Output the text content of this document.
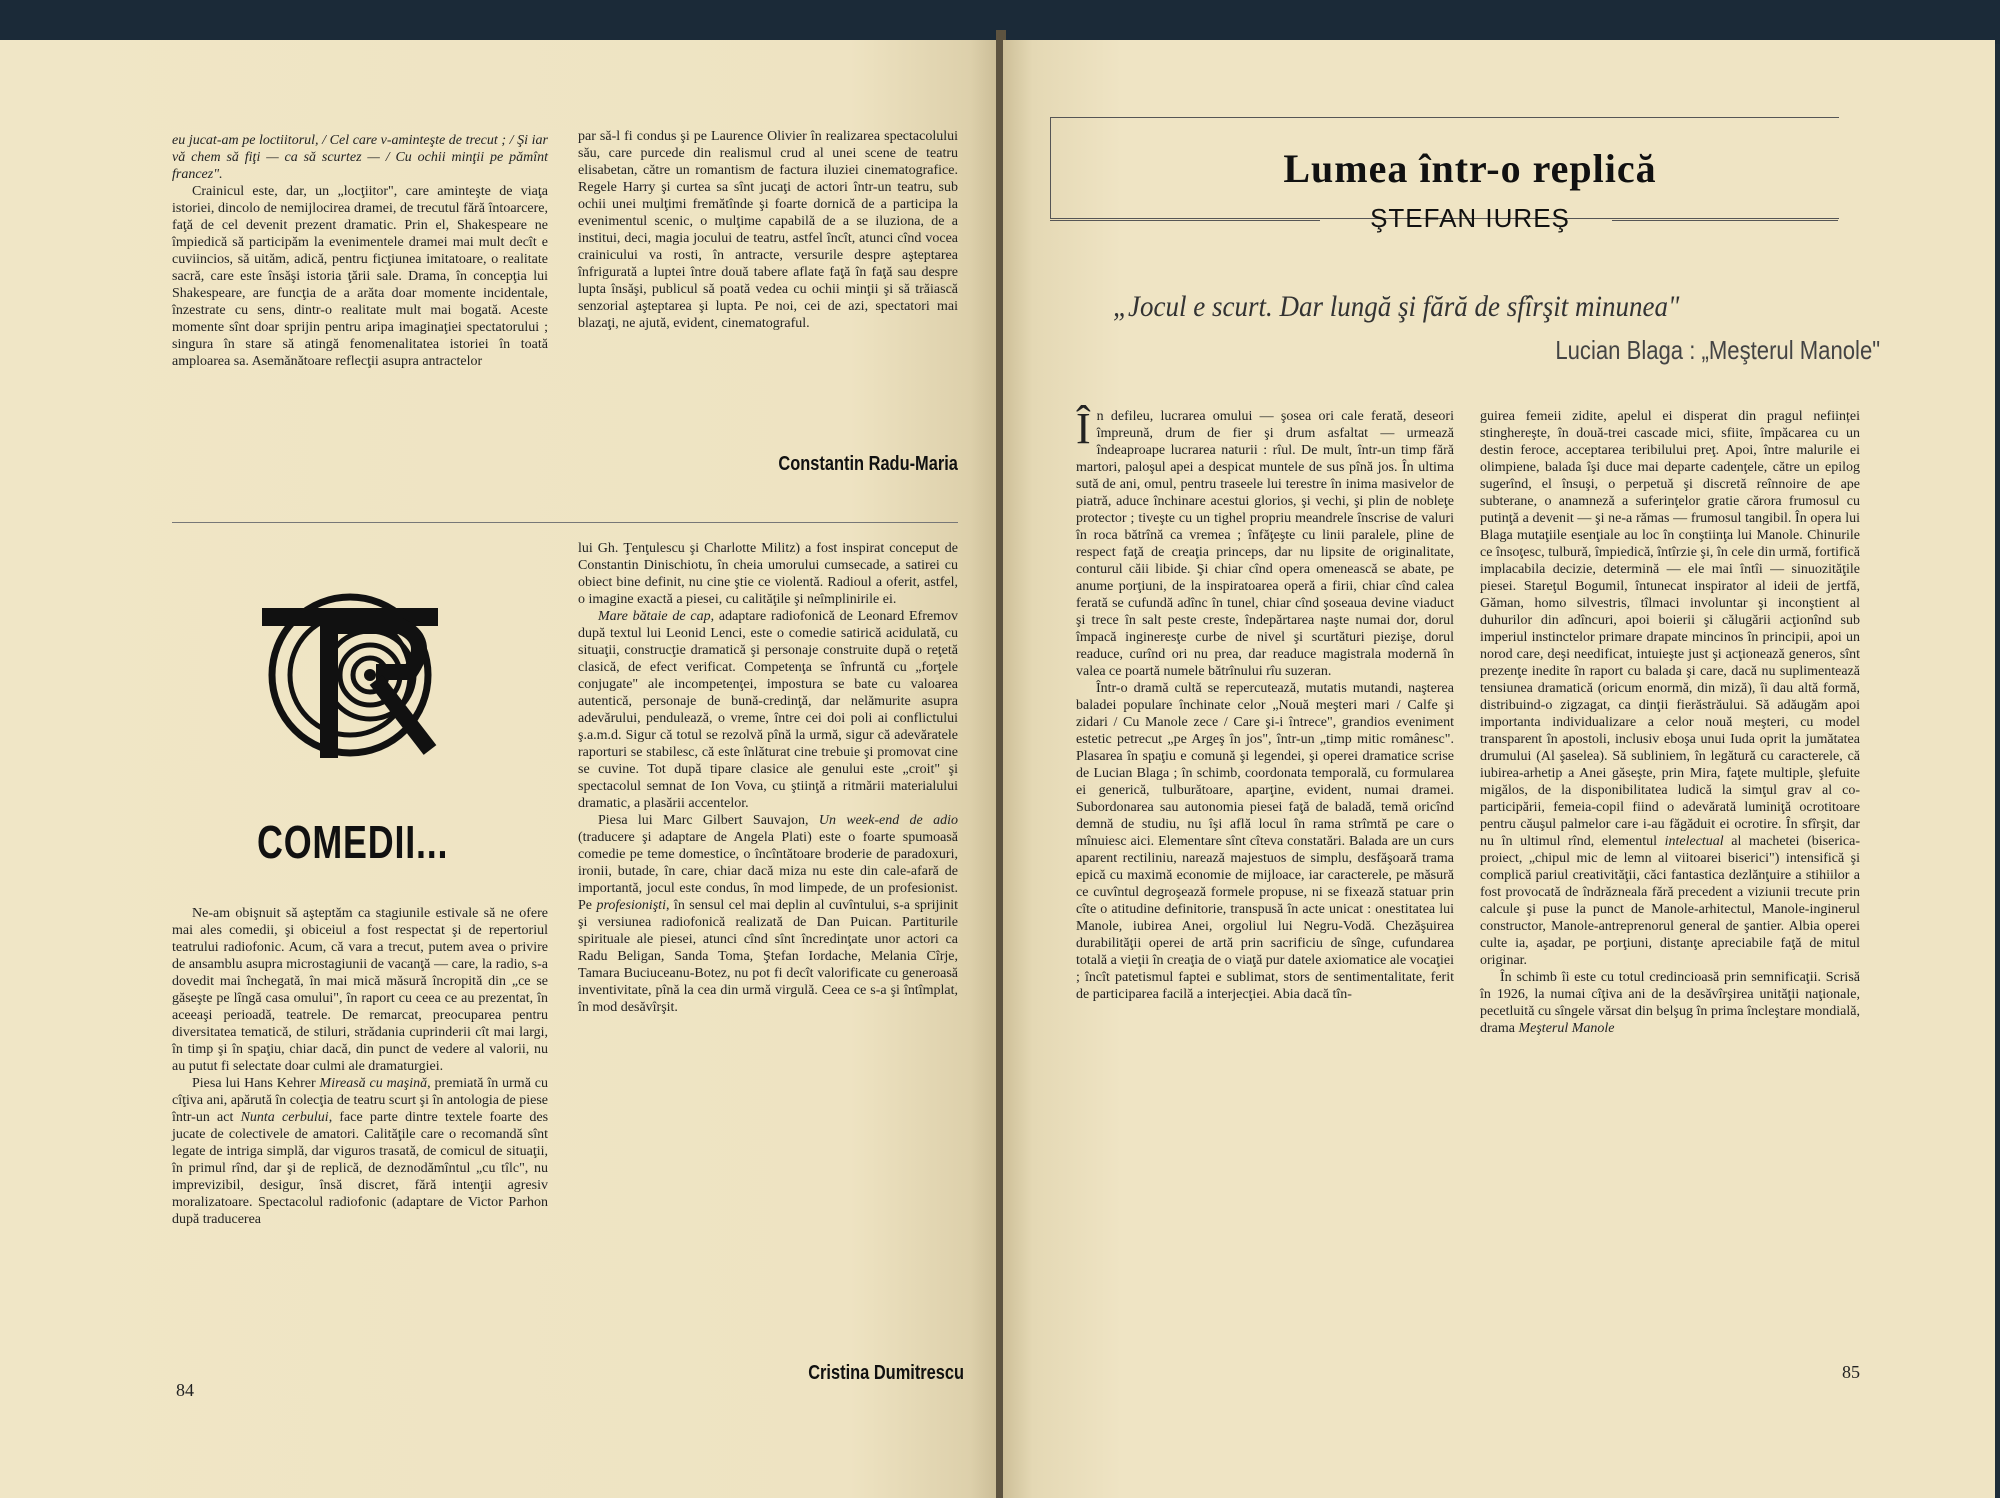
eu jucat-am pe loctiitorul, / Cel care v-aminteşte de trecut ; / Şi iar vă chem să fiţi — ca să scurtez — / Cu ochii minţii pe pămînt francez".

Crainicul este, dar, un „locţiitor", care aminteşte de viaţa istoriei, dincolo de nemijlocirea dramei, de trecutul fără întoarcere, faţă de cel devenit prezent dramatic. Prin el, Shakespeare ne împiedică să participăm la evenimentele dramei mai mult decît e cuviincios, să uităm, adică, pentru ficţiunea imitatoare, o realitate sacră, care este însăşi istoria ţării sale. Drama, în concepţia lui Shakespeare, are funcţia de a arăta doar momente incidentale, înzestrate cu sens, dintr-o realitate mult mai bogată. Aceste momente sînt doar sprijin pentru aripa imaginaţiei spectatorului ; singura în stare să atingă fenomenalitatea istoriei în toată amploarea sa. Asemănătoare reflecţii asupra antractelor

par să-l fi condus şi pe Laurence Olivier în realizarea spectacolului său, care purcede din realismul crud al unei scene de teatru elisabetan, către un romantism de factura iluziei cinematografice. Regele Harry şi curtea sa sînt jucaţi de actori într-un teatru, sub ochii unei mulţimi fremătînde şi foarte dornică de a participa la evenimentul scenic, o mulţime capabilă de a se iluziona, de a institui, deci, magia jocului de teatru, astfel încît, atunci cînd vocea crainicului va rosti, în antracte, versurile despre aşteptarea înfrigurată a luptei între două tabere aflate faţă în faţă sau despre lupta însăşi, publicul să poată vedea cu ochii minţii şi să trăiască senzorial aşteptarea şi lupta. Pe noi, cei de azi, spectatori mai blazaţi, ne ajută, evident, cinematograful.

Constantin Radu-Maria
COMEDII...

Ne-am obişnuit să aşteptăm ca stagiunile estivale să ne ofere mai ales comedii, şi obiceiul a fost respectat şi de repertoriul teatrului radiofonic. Acum, că vara a trecut, putem avea o privire de ansamblu asupra microstagiunii de vacanţă — care, la radio, s-a dovedit mai închegată, în mai mică măsură încropită din „ce se găseşte pe lîngă casa omului", în raport cu ceea ce au prezentat, în aceeaşi perioadă, teatrele. De remarcat, preocuparea pentru diversitatea tematică, de stiluri, strădania cuprinderii cît mai largi, în timp şi în spaţiu, chiar dacă, din punct de vedere al valorii, nu au putut fi selectate doar culmi ale dramaturgiei.

Piesa lui Hans Kehrer Mireasă cu maşină, premiată în urmă cu cîţiva ani, apărută în colecţia de teatru scurt şi în antologia de piese într-un act Nunta cerbului, face parte dintre textele foarte des jucate de colectivele de amatori. Calităţile care o recomandă sînt legate de intriga simplă, dar viguros trasată, de comicul de situaţii, în primul rînd, dar şi de replică, de deznodămîntul „cu tîlc", nu imprevizibil, desigur, însă discret, fără intenţii agresiv moralizatoare. Spectacolul radiofonic (adaptare de Victor Parhon după traducerea

lui Gh. Ţenţulescu şi Charlotte Militz) a fost inspirat conceput de Constantin Dinischiotu, în cheia umorului cumsecade, a satirei cu obiect bine definit, nu cine ştie ce violentă. Radioul a oferit, astfel, o imagine exactă a piesei, cu calităţile şi neîmplinirile ei.

Mare bătaie de cap, adaptare radiofonică de Leonard Efremov după textul lui Leonid Lenci, este o comedie satirică acidulată, cu situaţii, construcţie dramatică şi personaje construite după o reţetă clasică, de efect verificat. Competenţa se înfruntă cu „forţele conjugate" ale incompetenţei, impostura se bate cu valoarea autentică, personaje de bună-credinţă, dar nelămurite asupra adevărului, pendulează, o vreme, între cei doi poli ai conflictului ş.a.m.d. Sigur că totul se rezolvă pînă la urmă, sigur că adevăratele raporturi se stabilesc, că este înlăturat cine trebuie şi promovat cine se cuvine. Tot după tipare clasice ale genului este „croit" şi spectacolul semnat de Ion Vova, cu ştiinţă a ritmării materialului dramatic, a plasării accentelor.

Piesa lui Marc Gilbert Sauvajon, Un week-end de adio (traducere şi adaptare de Angela Plati) este o foarte spumoasă comedie pe teme domestice, o încîntătoare broderie de paradoxuri, ironii, butade, în care, chiar dacă miza nu este din cale-afară de importantă, jocul este condus, în mod limpede, de un profesionist. Pe profesionişti, în sensul cel mai deplin al cuvîntului, s-a sprijinit şi versiunea radiofonică realizată de Dan Puican. Partiturile spirituale ale piesei, atunci cînd sînt încredinţate unor actori ca Radu Beligan, Sanda Toma, Ştefan Iordache, Melania Cîrje, Tamara Buciuceanu-Botez, nu pot fi decît valorificate cu generoasă inventivitate, pînă la cea din urmă virgulă. Ceea ce s-a şi întîmplat, în mod desăvîrşit.

Cristina Dumitrescu
84
Lumea într-o replică
ŞTEFAN IUREŞ
„Jocul e scurt. Dar lungă şi fără de sfîrşit minunea"
Lucian Blaga : „Meşterul Manole"

În defileu, lucrarea omului — şosea ori cale ferată, deseori împreună, drum de fier şi drum asfaltat — urmează îndeaproape lucrarea naturii : rîul. De mult, într-un timp fără martori, paloşul apei a despicat muntele de sus pînă jos. În ultima sută de ani, omul, pentru traseele lui terestre în inima masivelor de piatră, aduce închinare acestui glorios, şi vechi, şi plin de nobleţe protector ; tiveşte cu un tighel propriu meandrele înscrise de valuri în roca bătrînă ca vremea ; înfăţeşte cu linii paralele, pline de respect faţă de creaţia princeps, dar nu lipsite de originalitate, conturul căii libide. Şi chiar cînd opera omenească se abate, pe anume porţiuni, de la inspiratoarea operă a firii, chiar cînd calea ferată se cufundă adînc în tunel, chiar cînd şoseaua devine viaduct şi trece în salt peste creste, îndepărtarea naşte numai dor, dorul împacă ingineresţe curbe de nivel şi scurtături piezişe, dorul readuce, curînd ori nu prea, dar readuce magistrala modernă în valea ce poartă numele bătrînului rîu suzeran.

Într-o dramă cultă se repercutează, mutatis mutandi, naşterea baladei populare închinate celor „Nouă meşteri mari / Calfe şi zidari / Cu Manole zece / Care şi-i întrece", grandios eveniment estetic petrecut „pe Argeş în jos", într-un „timp mitic românesc". Plasarea în spaţiu e comună şi legendei, şi operei dramatice scrise de Lucian Blaga ; în schimb, coordonata temporală, cu formularea ei generică, tulburătoare, aparţine, evident, numai dramei. Subordonarea sau autonomia piesei faţă de baladă, temă oricînd demnă de studiu, nu îşi află locul în rama strîmtă pe care o mînuiesc aici. Elementare sînt cîteva constatări. Balada are un curs aparent rectiliniu, narează majestuos de simplu, desfăşoară trama epică cu maximă economie de mijloace, iar caracterele, pe măsură ce cuvîntul degroşează formele propuse, ni se fixează statuar prin cîte o atitudine definitorie, transpusă în acte unicat : onestitatea lui Manole, iubirea Anei, orgoliul lui Negru-Vodă. Chezăşuirea durabilităţii operei de artă prin sacrificiu de sînge, cufundarea totală a vieţii în creaţia de o viaţă pur datele axiomatice ale vocaţiei ; încît patetismul faptei e sublimat, stors de sentimentalitate, ferit de participarea facilă a interjecţiei. Abia dacă tîn-

guirea femeii zidite, apelul ei disperat din pragul neființei stinghereşte, în două-trei cascade mici, sfiite, împăcarea cu un destin feroce, acceptarea teribilului preţ. Apoi, între malurile ei olimpiene, balada îşi duce mai departe cadenţele, către un epilog sugerînd, el însuşi, o perpetuă şi discretă reînnoire de ape subterane, o anamneză a suferinţelor gratie cărora frumosul cu putinţă a devenit — şi ne-a rămas — frumosul tangibil. În opera lui Blaga mutaţiile esenţiale au loc în conştiinţa lui Manole. Chinurile ce însoţesc, tulbură, împiedică, întîrzie şi, în cele din urmă, fortifică implacabila decizie, determină — ele mai întîi — sinuozităţile piesei. Stareţul Bogumil, întunecat inspirator al ideii de jertfă, Găman, homo silvestris, tîlmaci involuntar şi inconştient al duhurilor din adîncuri, apoi boierii şi călugării acţionînd sub imperiul instinctelor primare drapate mincinos în principii, apoi un norod care, deşi needificat, intuieşte just şi acţionează generos, sînt prezenţe inedite în raport cu balada şi care, dacă nu suplimentează tensiunea dramatică (oricum enormă, din miză), îi dau altă formă, distribuind-o zigzagat, ca dinţii fierăstrăului. Să adăugăm apoi importanta individualizare a celor nouă meşteri, cu model transparent în apostoli, inclusiv eboşa unui Iuda oprit la jumătatea drumului (Al şaselea). Să subliniem, în legătură cu caracterele, că iubirea-arhetip a Anei găseşte, prin Mira, faţete multiple, şlefuite migălos, de la disponibilitatea ludică la simţul grav al co-participării, femeia-copil fiind o adevărată luminiţă ocrotitoare pentru căuşul palmelor care i-au făgăduit ei ocrotire. În sfîrşit, dar nu în ultimul rînd, elementul intelectual al machetei (biserica-proiect, „chipul mic de lemn al viitoarei biserici") intensifică şi complică pariul creativităţii, căci fantastica dezlănţuire a stihiilor a fost provocată de îndrăzneala fără precedent a viziunii trecute prin calcule şi puse la punct de Manole-arhitectul, Manole-inginerul constructor, Manole-antreprenorul general de şantier. Albia operei culte ia, aşadar, pe porţiuni, distanţe apreciabile faţă de mitul originar.

În schimb îi este cu totul credincioasă prin semnificaţii. Scrisă în 1926, la numai cîţiva ani de la desăvîrşirea unităţii naţionale, pecetluită cu sîngele vărsat din belşug în prima încleştare mondială, drama Meşterul Manole

85
